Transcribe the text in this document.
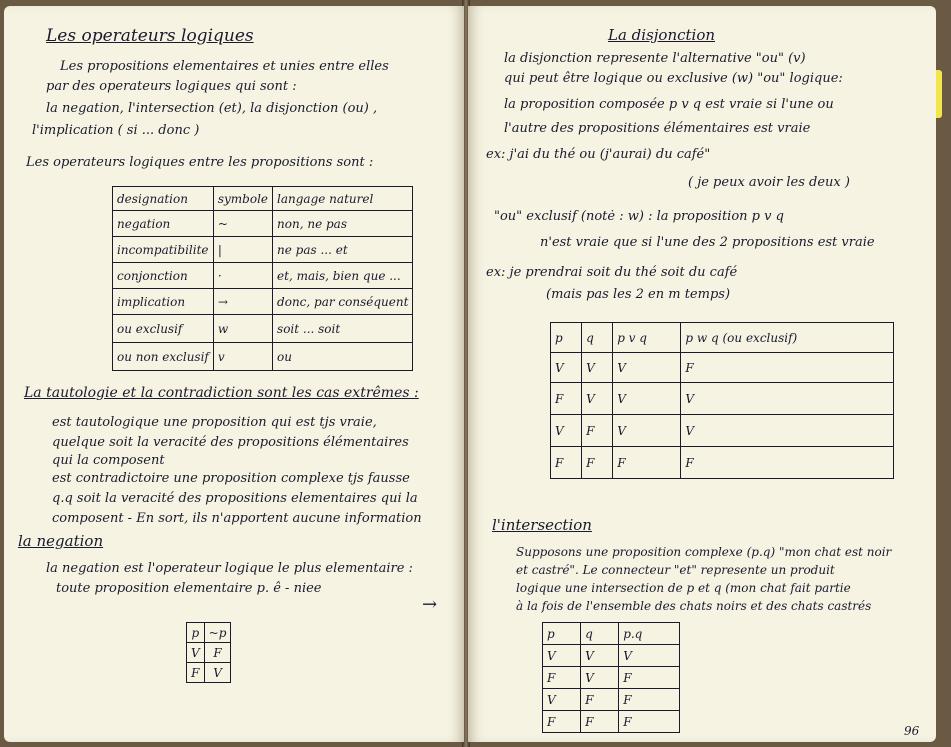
Les operateurs logiques
Les propositions elementaires et unies entre elles
par des operateurs logiques qui sont :
la negation, l'intersection (et), la disjonction (ou) ,
l'implication ( si ... donc )
Les operateurs logiques entre les propositions sont :
designation	symbole	langage naturel
negation	~	non, ne pas
incompatibilite	|	ne pas ... et
conjonction	·	et, mais, bien que ...
implication	→	donc, par conséquent
ou exclusif	w	soit ... soit
ou non exclusif	v	ou
La tautologie et la contradiction sont les cas extrêmes :
est tautologique une proposition qui est tjs vraie,
quelque soit la veracité des propositions élémentaires
qui la composent
est contradictoire une proposition complexe tjs fausse
q.q soit la veracité des propositions elementaires qui la
composent - En sort, ils n'apportent aucune information
la negation
la negation est l'operateur logique le plus elementaire :
toute proposition elementaire p. ê - niee
→
p	~p
V	F
F	V
La disjonction
la disjonction represente l'alternative "ou" (v)
qui peut être logique ou exclusive (w) "ou" logique:
la proposition composée p v q est vraie si l'une ou
l'autre des propositions élémentaires est vraie
ex: j'ai du thé ou (j'aurai) du café"
( je peux avoir les deux )
"ou" exclusif (notė : w) : la proposition p v q
n'est vraie que si l'une des 2 propositions est vraie
ex: je prendrai soit du thé soit du café
(mais pas les 2 en m temps)
p	q	p v q	p w q (ou exclusif)
V	V	V	F
F	V	V	V
V	F	V	V
F	F	F	F
l'intersection
Supposons une proposition complexe (p.q) "mon chat est noir
et castré". Le connecteur "et" represente un produit
logique une intersection de p et q (mon chat fait partie
à la fois de l'ensemble des chats noirs et des chats castrés
p	q	p.q
V	V	V
F	V	F
V	F	F
F	F	F
96
